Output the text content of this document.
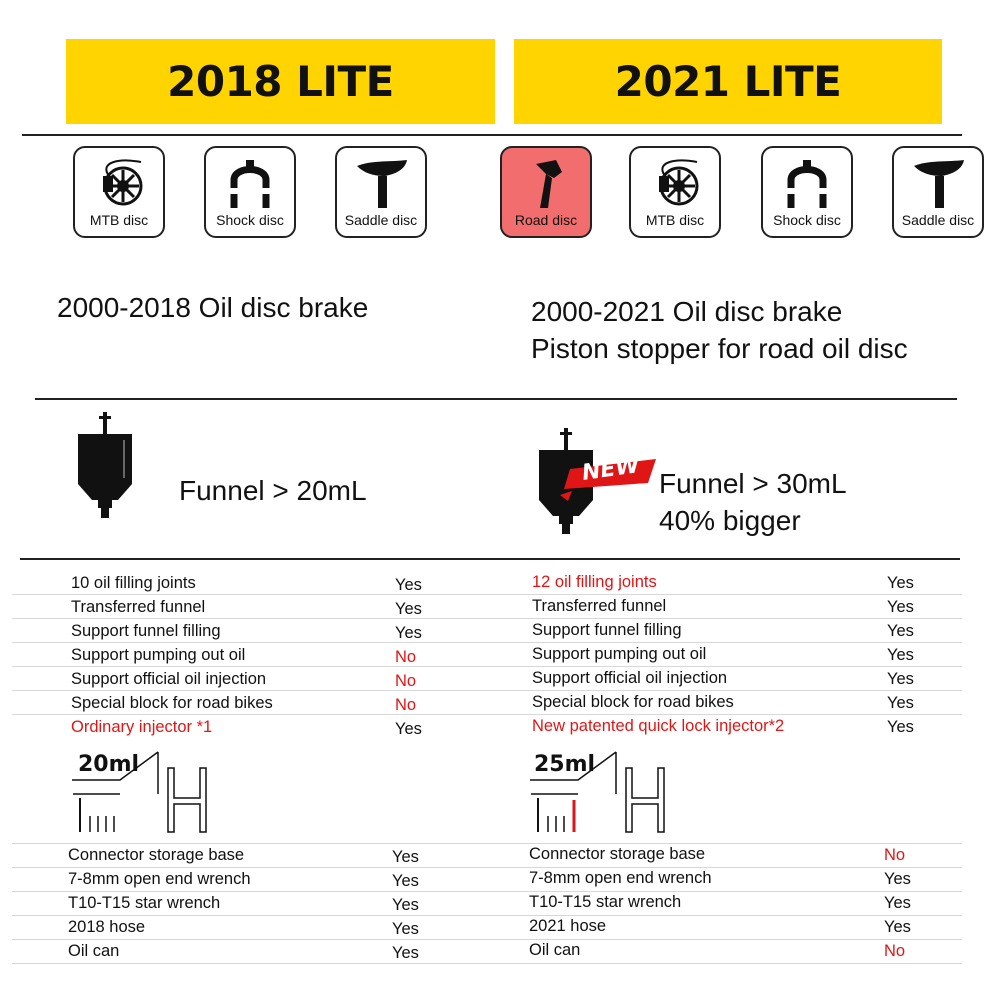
2018 LITE	2021 LITE
MTB disc	Shock disc	Saddle disc	Road disc	MTB disc	Shock disc	Saddle disc
2000-2018 Oil disc brake	2000-2021 Oil disc brake
Piston stopper for road oil disc
Funnel > 20mL
NEW Funnel > 30mL
40% bigger
10 oil filling joints	Yes
Transferred funnel	Yes
Support funnel filling	Yes
Support pumping out oil	No
Support official oil injection	No
Special block for road bikes	No
Ordinary injector *1	Yes
12 oil filling joints	Yes
Transferred funnel	Yes
Support funnel filling	Yes
Support pumping out oil	Yes
Support official oil injection	Yes
Special block for road bikes	Yes
New patented quick lock injector*2	Yes
20ml	25ml
Connector storage base	Yes
7-8mm open end wrench	Yes
T10-T15 star wrench	Yes
2018 hose	Yes
Oil can	Yes
Connector storage base	No
7-8mm open end wrench	Yes
T10-T15 star wrench	Yes
2021 hose	Yes
Oil can	No
